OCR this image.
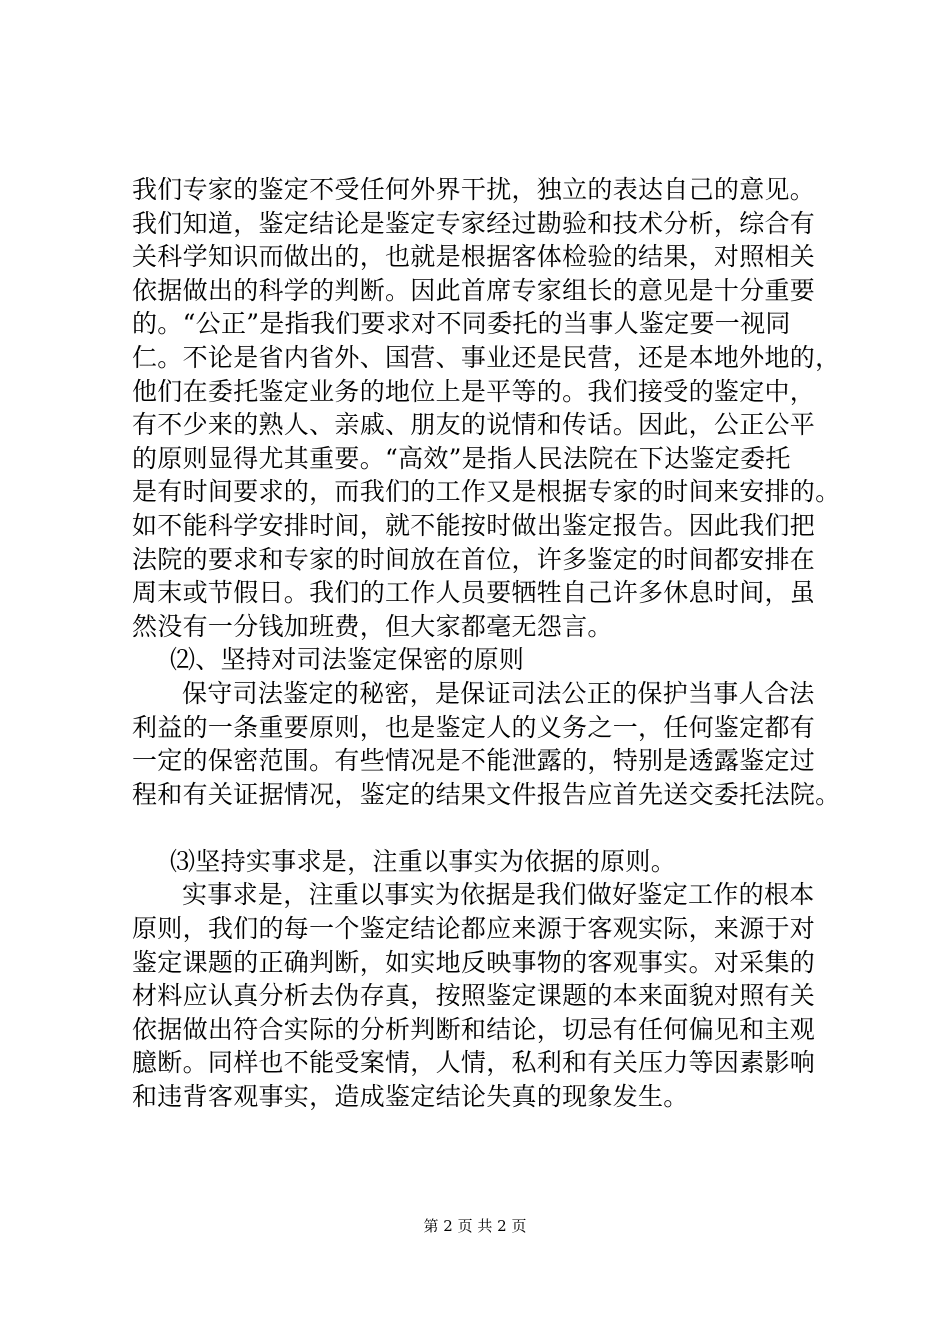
我们专家的鉴定不受任何外界干扰，独立的表达自己的意见。
我们知道，鉴定结论是鉴定专家经过勘验和技术分析，综合有
关科学知识而做出的，也就是根据客体检验的结果，对照相关
依据做出的科学的判断。因此首席专家组长的意见是十分重要
的。“公正”是指我们要求对不同委托的当事人鉴定要一视同
仁。不论是省内省外、国营、事业还是民营，还是本地外地的，
他们在委托鉴定业务的地位上是平等的。我们接受的鉴定中，
有不少来的熟人、亲戚、朋友的说情和传话。因此，公正公平
的原则显得尤其重要。“高效”是指人民法院在下达鉴定委托
是有时间要求的，而我们的工作又是根据专家的时间来安排的。
如不能科学安排时间，就不能按时做出鉴定报告。因此我们把
法院的要求和专家的时间放在首位，许多鉴定的时间都安排在
周末或节假日。我们的工作人员要牺牲自己许多休息时间，虽
然没有一分钱加班费，但大家都毫无怨言。
⑵、坚持对司法鉴定保密的原则
保守司法鉴定的秘密，是保证司法公正的保护当事人合法
利益的一条重要原则，也是鉴定人的义务之一，任何鉴定都有
一定的保密范围。有些情况是不能泄露的，特别是透露鉴定过
程和有关证据情况，鉴定的结果文件报告应首先送交委托法院。
⑶坚持实事求是，注重以事实为依据的原则。
实事求是，注重以事实为依据是我们做好鉴定工作的根本
原则，我们的每一个鉴定结论都应来源于客观实际，来源于对
鉴定课题的正确判断，如实地反映事物的客观事实。对采集的
材料应认真分析去伪存真，按照鉴定课题的本来面貌对照有关
依据做出符合实际的分析判断和结论，切忌有任何偏见和主观
臆断。同样也不能受案情，人情，私利和有关压力等因素影响
和违背客观事实，造成鉴定结论失真的现象发生。
第 2 页 共 2 页
